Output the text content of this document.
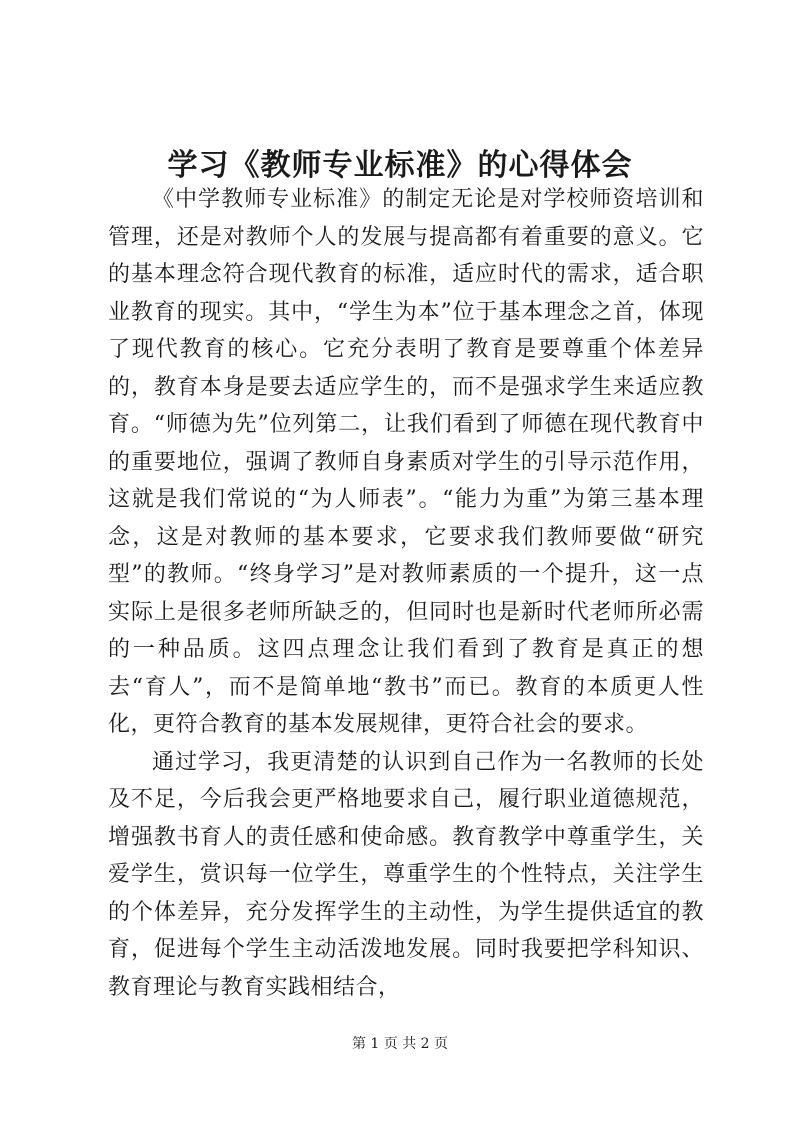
学习《教师专业标准》的心得体会

《中学教师专业标准》的制定无论是对学校师资培训和管理，还是对教师个人的发展与提高都有着重要的意义。它的基本理念符合现代教育的标准，适应时代的需求，适合职业教育的现实。其中，“学生为本”位于基本理念之首，体现了现代教育的核心。它充分表明了教育是要尊重个体差异的，教育本身是要去适应学生的，而不是强求学生来适应教育。“师德为先”位列第二，让我们看到了师德在现代教育中的重要地位，强调了教师自身素质对学生的引导示范作用，这就是我们常说的“为人师表”。“能力为重”为第三基本理念，这是对教师的基本要求，它要求我们教师要做“研究型”的教师。“终身学习”是对教师素质的一个提升，这一点实际上是很多老师所缺乏的，但同时也是新时代老师所必需的一种品质。这四点理念让我们看到了教育是真正的想去“育人”，而不是简单地“教书”而已。教育的本质更人性化，更符合教育的基本发展规律，更符合社会的要求。

通过学习，我更清楚的认识到自己作为一名教师的长处及不足，今后我会更严格地要求自己，履行职业道德规范，增强教书育人的责任感和使命感。教育教学中尊重学生，关爱学生，赏识每一位学生，尊重学生的个性特点，关注学生的个体差异，充分发挥学生的主动性，为学生提供适宜的教育，促进每个学生主动活泼地发展。同时我要把学科知识、教育理论与教育实践相结合，

第 1 页 共 2 页
